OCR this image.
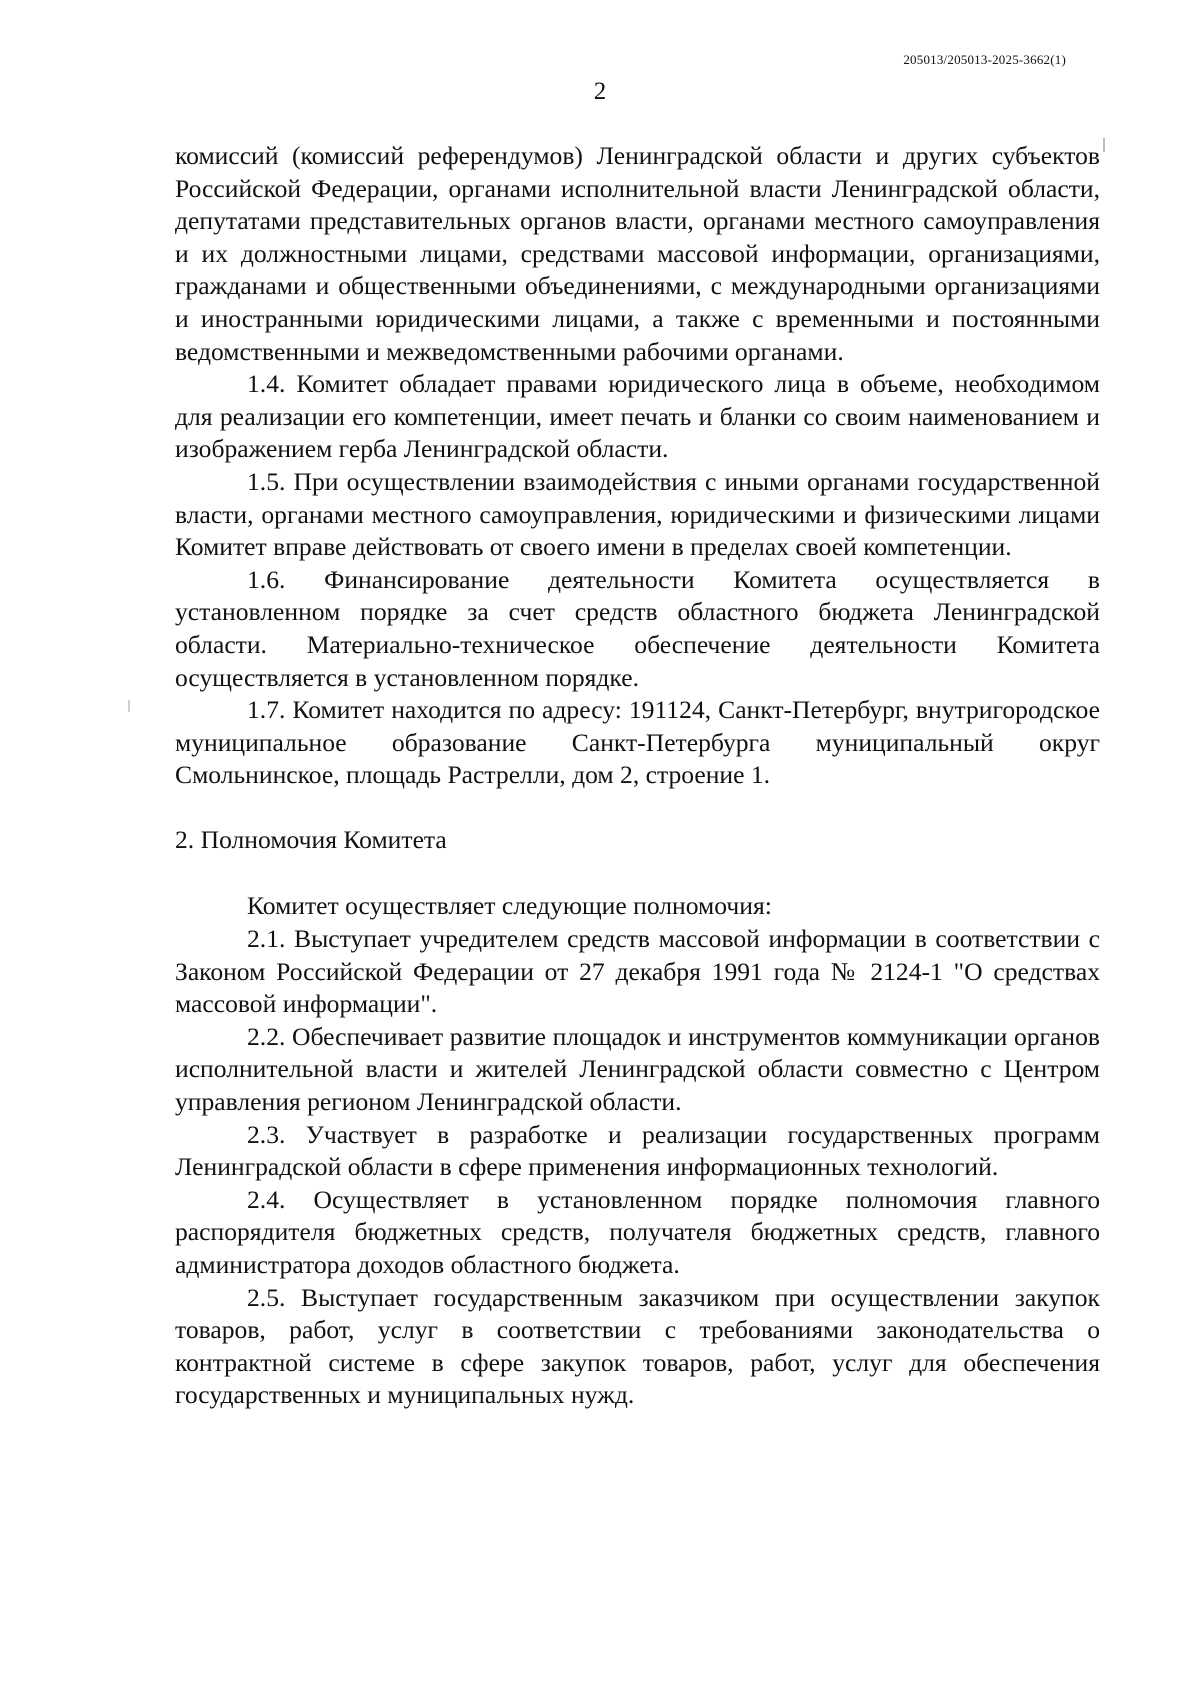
205013/205013-2025-3662(1)
2

комиссий (комиссий референдумов) Ленинградской области и других субъектов Российской Федерации, органами исполнительной власти Ленинградской области, депутатами представительных органов власти, органами местного самоуправления и их должностными лицами, средствами массовой информации, организациями, гражданами и общественными объединениями, с международными организациями и иностранными юридическими лицами, а также с временными и постоянными ведомственными и межведомственными рабочими органами.

1.4. Комитет обладает правами юридического лица в объеме, необходимом для реализации его компетенции, имеет печать и бланки со своим наименованием и изображением герба Ленинградской области.

1.5. При осуществлении взаимодействия с иными органами государственной власти, органами местного самоуправления, юридическими и физическими лицами Комитет вправе действовать от своего имени в пределах своей компетенции.

1.6. Финансирование деятельности Комитета осуществляется в установленном порядке за счет средств областного бюджета Ленинградской области. Материально-техническое обеспечение деятельности Комитета осуществляется в установленном порядке.

1.7. Комитет находится по адресу: 191124, Санкт-Петербург, внутригородское муниципальное образование Санкт-Петербурга муниципальный округ Смольнинское, площадь Растрелли, дом 2, строение 1.

2. Полномочия Комитета

Комитет осуществляет следующие полномочия:

2.1. Выступает учредителем средств массовой информации в соответствии с Законом Российской Федерации от 27 декабря 1991 года № 2124-1 "О средствах массовой информации".

2.2. Обеспечивает развитие площадок и инструментов коммуникации органов исполнительной власти и жителей Ленинградской области совместно с Центром управления регионом Ленинградской области.

2.3. Участвует в разработке и реализации государственных программ Ленинградской области в сфере применения информационных технологий.

2.4. Осуществляет в установленном порядке полномочия главного распорядителя бюджетных средств, получателя бюджетных средств, главного администратора доходов областного бюджета.

2.5. Выступает государственным заказчиком при осуществлении закупок товаров, работ, услуг в соответствии с требованиями законодательства о контрактной системе в сфере закупок товаров, работ, услуг для обеспечения государственных и муниципальных нужд.
